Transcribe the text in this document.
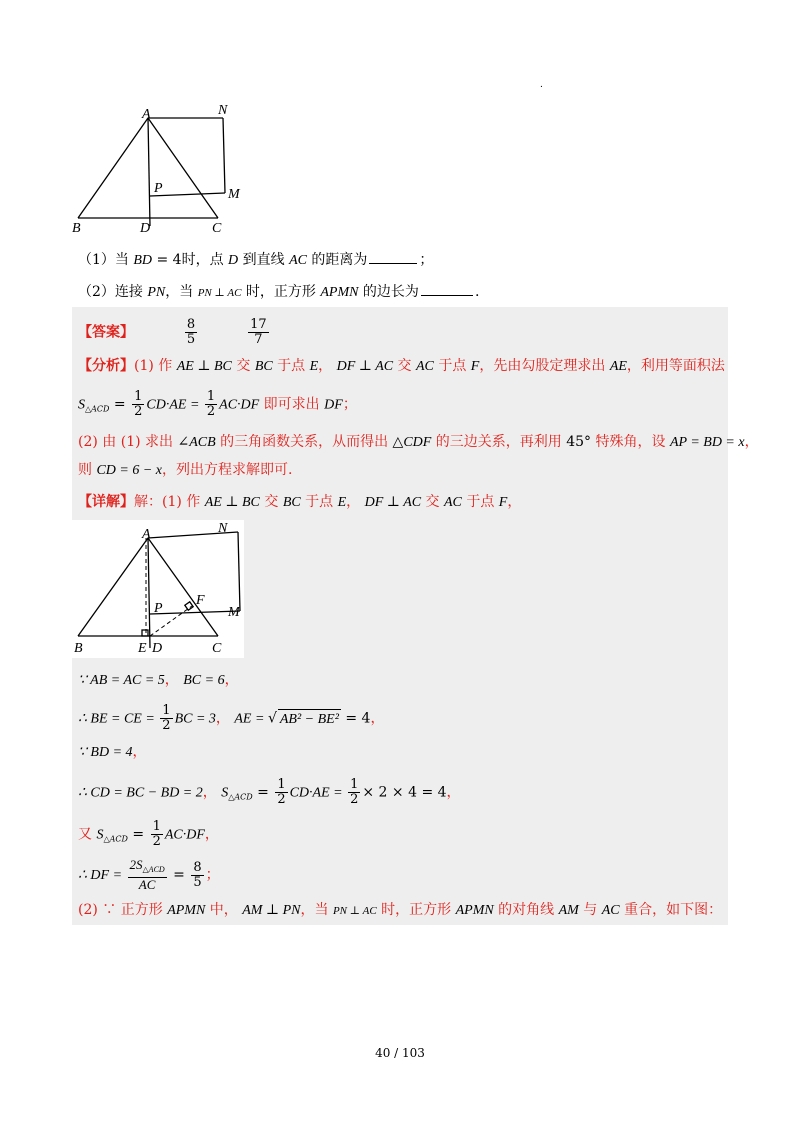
.
A	N
P	M
B	D	C
（1）当 BD = 4时，点 D 到直线 AC 的距离为	；
（2）连接 PN，当 PN ⊥ AC 时，正方形 APMN 的边长为	.
【答案】	$\frac{8}{5}$
	$\frac{17}{7}$
【分析】(1) 作 AE ⊥ BC 交 BC 于点 E， DF ⊥ AC 交 AC 于点 F，先由勾股定理求出 AE，利用等面积法
$S_{\triangle ACD} = \frac{1}{2} CD\cdot AE = \frac{1}{2} AC\cdot DF$ 即可求出 DF；
(2) 由 (1) 求出 ∠ACB 的三角函数关系，从而得出 △CDF 的三边关系，再利用 45° 特殊角，设 AP = BD = x，
则 CD = 6 − x，列出方程求解即可.
【详解】解：(1) 作 AE ⊥ BC 交 BC 于点 E， DF ⊥ AC 交 AC 于点 F，
A	N
P
F
M
B	E D	C
∵ AB = AC = 5， BC = 6，
∴ BE = CE = $\frac{1}{2}$ BC = 3， AE = √ AB² − BE² = 4，
∵ BD = 4，
∴ CD = BC − BD = 2， $S_{\triangle ACD} = \frac{1}{2} CD\cdot AE = \frac{1}{2} \times 2 \times 4 = 4$，
又 $S_{\triangle ACD} = \frac{1}{2} AC\cdot DF$，
∴ DF = $\frac{2S_{\triangle ACD}}{AC} = \frac{8}{5}$ ；
(2) ∵ 正方形 APMN 中， AM ⊥ PN，当 PN ⊥ AC 时，正方形 APMN 的对角线 AM 与 AC 重合，如下图：
40 / 103
